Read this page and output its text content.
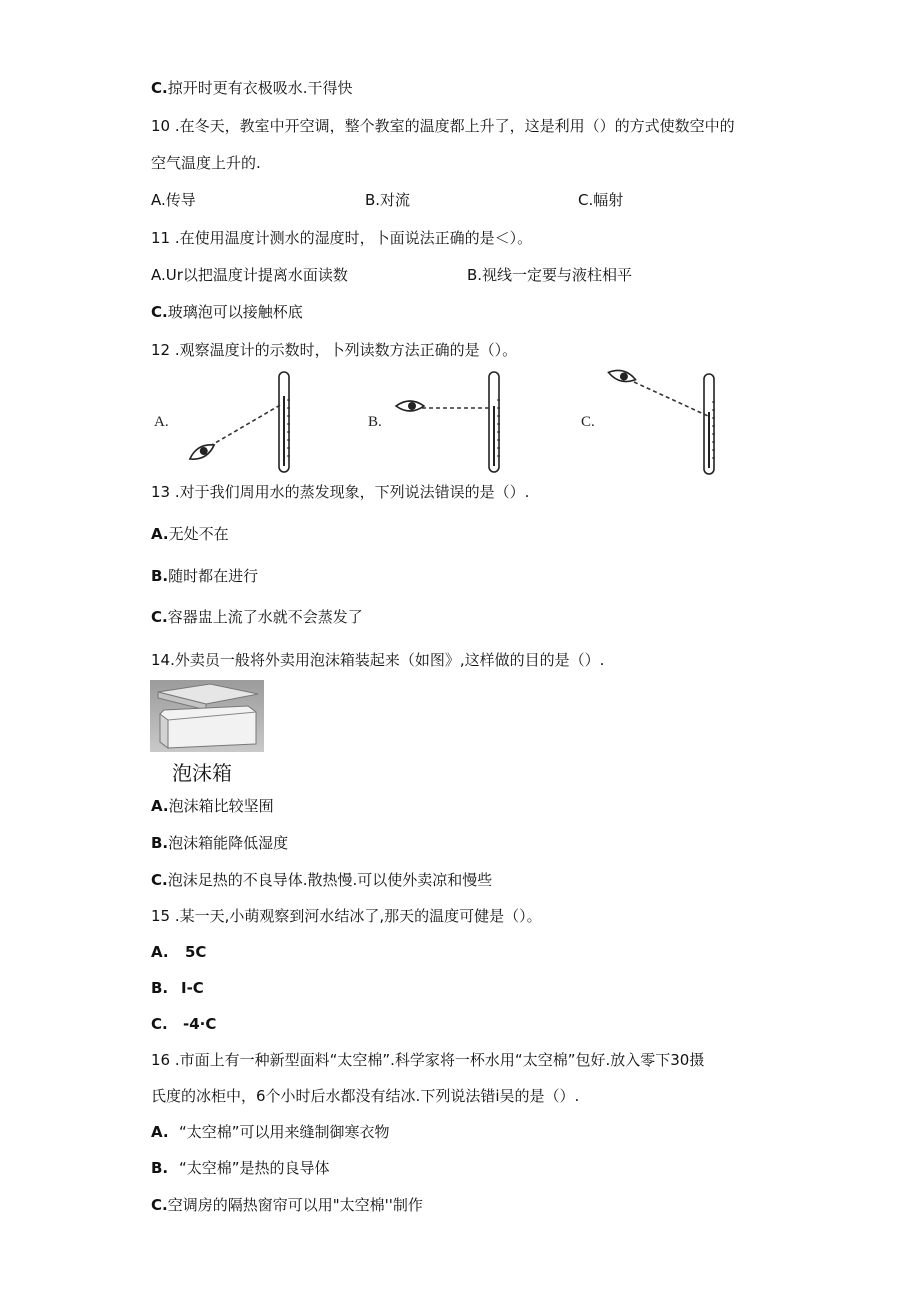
C.掠开时更有衣极吸水.干得快
10 .在冬天，教室中开空调，整个教室的温度都上升了，这是利用（）的方式使数空中的
空气温度上升的.
A.传导	B.对流	C.幅射
11 .在使用温度计测水的湿度时，卜面说法正确的是＜）。
A.Ur以把温度计提离水面读数	B.视线一定要与液柱相平
C.玻璃泡可以接触杯底
12 .观察温度计的示数时，卜列读数方法正确的是（）。
A.	B.	C.
13 .对于我们周用水的蒸发现象，下列说法错误的是（）.
A.无处不在
B.随时都在进行
C.容器盅上流了水就不会蒸发了
14.外卖员一般将外卖用泡沫箱装起来（如图》,这样做的目的是（）.
泡沫箱
A.泡沫箱比较坚囿
B.泡沫箱能降低湿度
C.泡沫足热的不良导体.散热慢.可以使外卖凉和慢些
15 .某一天,小萌观察到河水结冰了,那天的温度可健是（）。
A. 5C
B. I-C
C. -4·C
16 .市面上有一种新型面料“太空棉”.科学家将一杯水用“太空棉”包好.放入零下30摄
氏度的冰柜中，6个小时后水都没有结冰.下列说法错i吴的是（）.
A. “太空棉”可以用来缝制御寒衣物
B. “太空棉”是热的良导体
C.空调房的隔热窗帘可以用"太空棉''制作
